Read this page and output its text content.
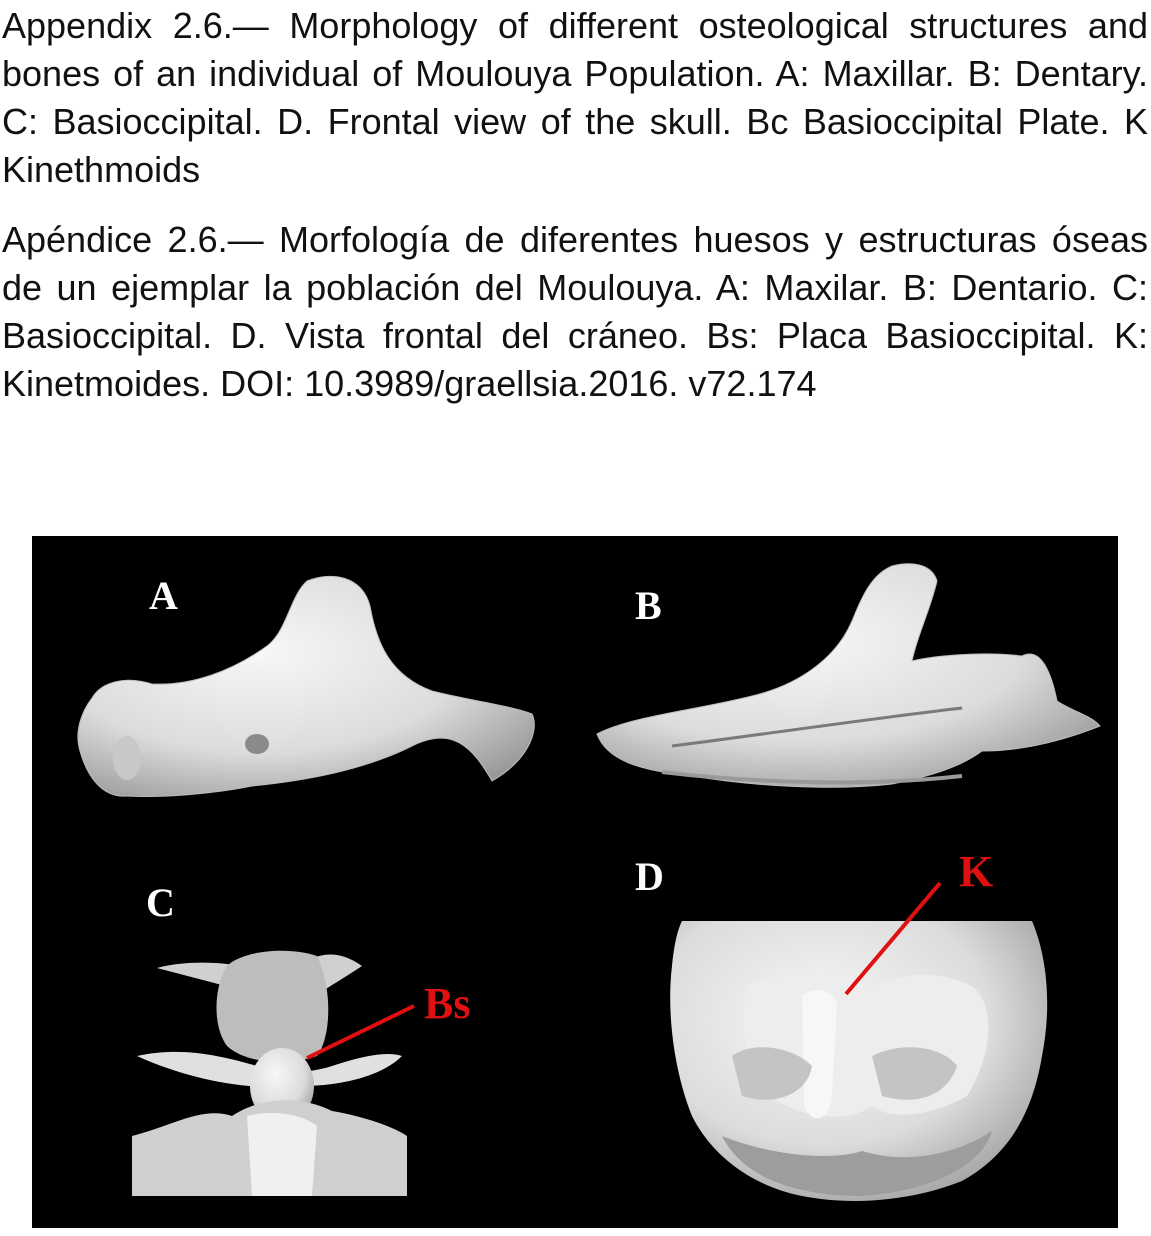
Appendix 2.6.— Morphology of different osteological structures and bones of an individual of Moulouya Population. A: Maxillar. B: Dentary. C: Basioccipital. D. Frontal view of the skull. Bc Basioccipital Plate. K Kinethmoids

Apéndice 2.6.— Morfología de diferentes huesos y estructuras óseas de un ejemplar la población del Moulouya. A: Maxilar. B: Dentario. C: Basioccipital. D. Vista frontal del cráneo. Bs: Placa Basioccipital. K: Kinetmoides. DOI: 10.3989/graellsia.2016. v72.174

A	B
C
D
Bs
K
